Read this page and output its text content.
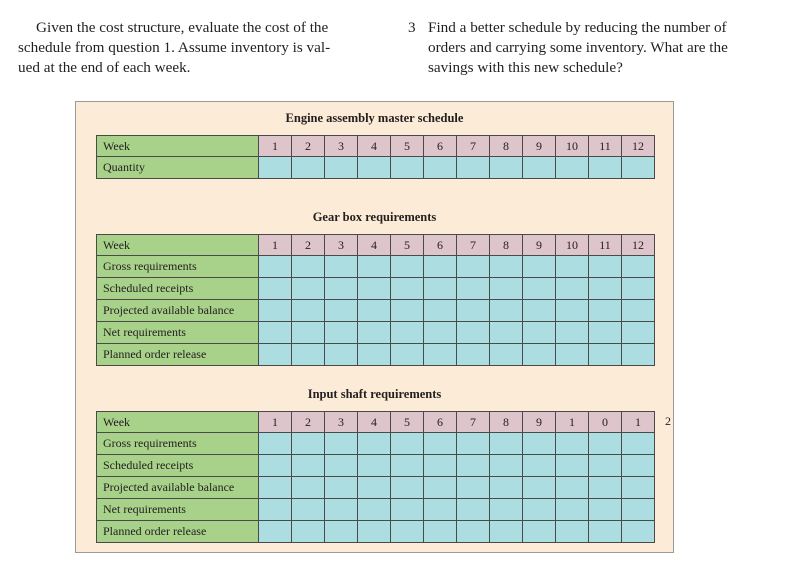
Given the cost structure, evaluate the cost of the
schedule from question 1. Assume inventory is val-
ued at the end of each week.
3 Find a better schedule by reducing the number of
orders and carrying some inventory. What are the
savings with this new schedule?
Engine assembly master schedule
Week	1	2	3	4	5	6	7	8	9	10	11	12
Quantity												
Gear box requirements
Week	1	2	3	4	5	6	7	8	9	10	11	12
Gross requirements												
Scheduled receipts												
Projected available balance												
Net requirements												
Planned order release												
Input shaft requirements
Week	1	2	3	4	5	6	7	8	9	1	0	1
Gross requirements												
Scheduled receipts												
Projected available balance												
Net requirements												
Planned order release												
2
